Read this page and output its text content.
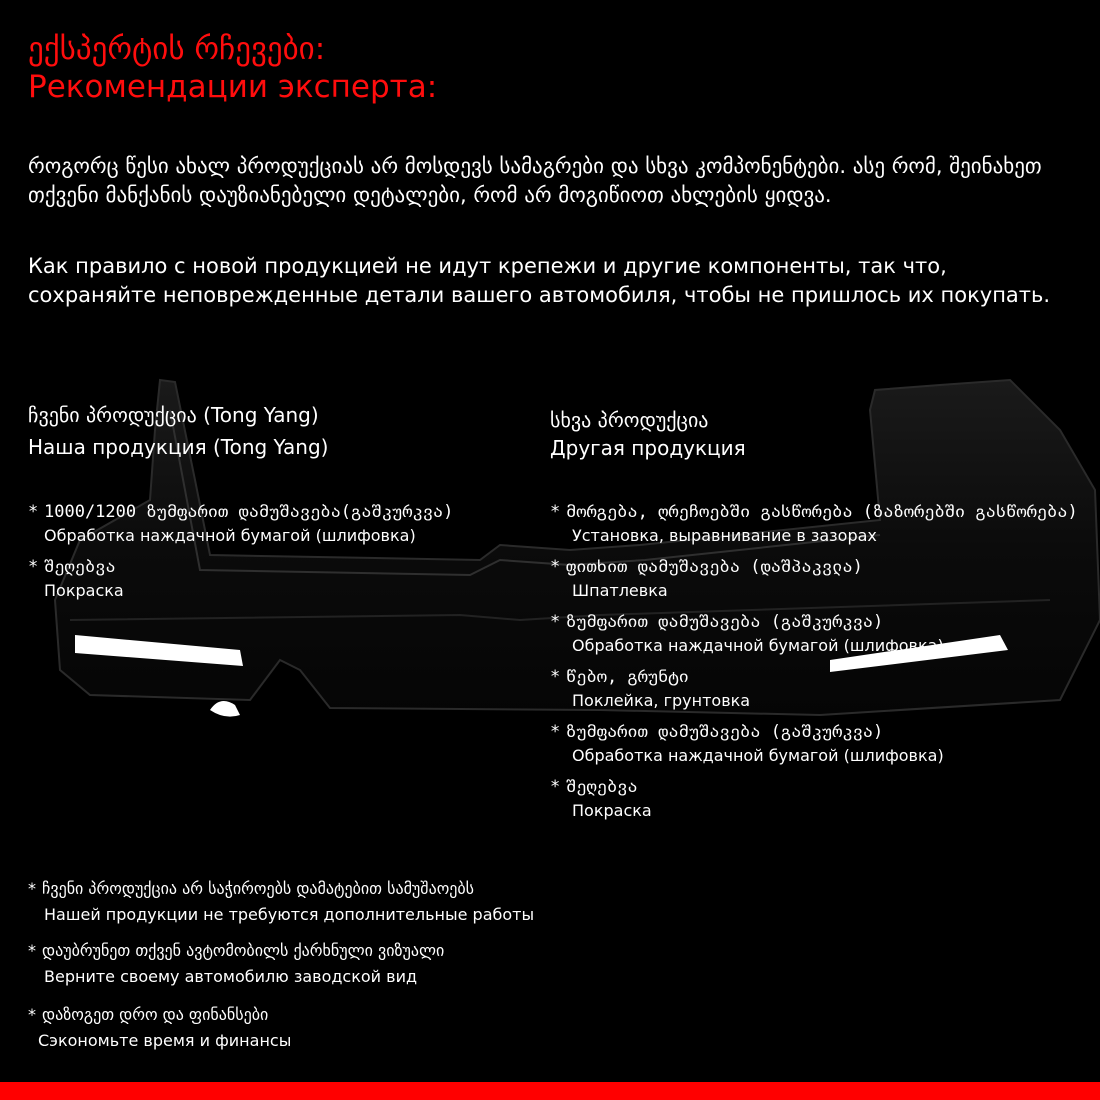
ექსპერტის რჩევები:
Рекомендации эксперта:
როგორც წესი ახალ პროდუქციას არ მოსდევს სამაგრები და სხვა კომპონენტები. ასე რომ, შეინახეთ თქვენი მანქანის დაუზიანებელი დეტალები, რომ არ მოგიწიოთ ახლების ყიდვა.
Как правило с новой продукцией не идут крепежи и другие компоненты, так что, сохраняйте неповрежденные детали вашего автомобиля, чтобы не пришлось их покупать.
ჩვენი პროდუქცია (Tong Yang)
Наша продукция (Tong Yang)
* 1000/1200 ზუმფარით დამუშავება(გაშკურკვა)
Обработка наждачной бумагой (шлифовка)
* შეღებვა
Покраска
სხვა პროდუქცია
Другая продукция
* მორგება, ღრეჩოებში გასწორება (ზაზორებში გასწორება)
Установка, выравнивание в зазорах
* ფითხით დამუშავება (დაშპაკვლა)
Шпатлевка
* ზუმფარით დამუშავება (გაშკურკვა)
Обработка наждачной бумагой (шлифовка)
* წებო, გრუნტი
Поклейка, грунтовка
* ზუმფარით დამუშავება (გაშკურკვა)
Обработка наждачной бумагой (шлифовка)
* შეღებვა
Покраска
* ჩვენი პროდუქცია არ საჭიროებს დამატებით სამუშაოებს
Нашей продукции не требуются дополнительные работы
* დაუბრუნეთ თქვენ ავტომობილს ქარხნული ვიზუალი
Верните своему автомобилю заводской вид
* დაზოგეთ დრო და ფინანსები
Сэкономьте время и финансы
